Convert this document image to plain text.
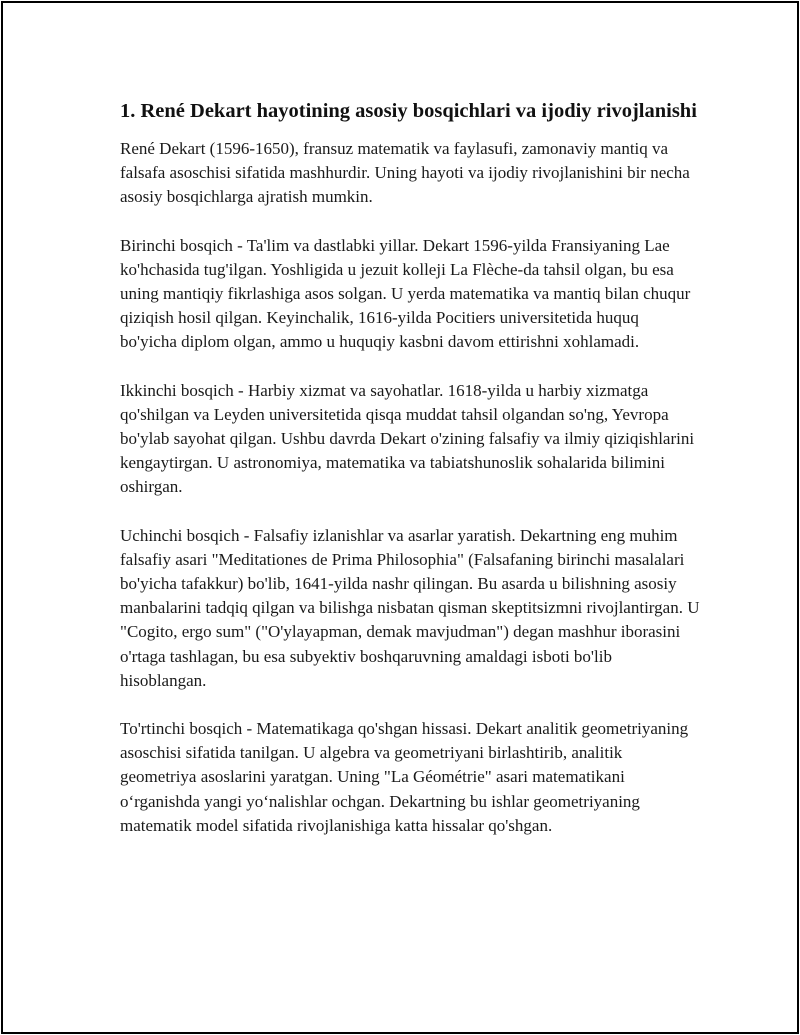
1. René Dekart hayotining asosiy bosqichlari va ijodiy rivojlanishi

René Dekart (1596-1650), fransuz matematik va faylasufi, zamonaviy mantiq va falsafa asoschisi sifatida mashhurdir. Uning hayoti va ijodiy rivojlanishini bir necha asosiy bosqichlarga ajratish mumkin.

Birinchi bosqich - Ta'lim va dastlabki yillar. Dekart 1596-yilda Fransiyaning Lae ko'hchasida tug'ilgan. Yoshligida u jezuit kolleji La Flèche-da tahsil olgan, bu esa uning mantiqiy fikrlashiga asos solgan. U yerda matematika va mantiq bilan chuqur qiziqish hosil qilgan. Keyinchalik, 1616-yilda Pocitiers universitetida huquq bo'yicha diplom olgan, ammo u huquqiy kasbni davom ettirishni xohlamadi.

Ikkinchi bosqich - Harbiy xizmat va sayohatlar. 1618-yilda u harbiy xizmatga qo'shilgan va Leyden universitetida qisqa muddat tahsil olgandan so'ng, Yevropa bo'ylab sayohat qilgan. Ushbu davrda Dekart o'zining falsafiy va ilmiy qiziqishlarini kengaytirgan. U astronomiya, matematika va tabiatshunoslik sohalarida bilimini oshirgan.

Uchinchi bosqich - Falsafiy izlanishlar va asarlar yaratish. Dekartning eng muhim falsafiy asari "Meditationes de Prima Philosophia" (Falsafaning birinchi masalalari bo'yicha tafakkur) bo'lib, 1641-yilda nashr qilingan. Bu asarda u bilishning asosiy manbalarini tadqiq qilgan va bilishga nisbatan qisman skeptitsizmni rivojlantirgan. U "Cogito, ergo sum" ("O'ylayapman, demak mavjudman") degan mashhur iborasini o'rtaga tashlagan, bu esa subyektiv boshqaruvning amaldagi isboti bo'lib hisoblangan.

To'rtinchi bosqich - Matematikaga qo'shgan hissasi. Dekart analitik geometriyaning asoschisi sifatida tanilgan. U algebra va geometriyani birlashtirib, analitik geometriya asoslarini yaratgan. Uning "La Géométrie" asari matematikani o‘rganishda yangi yo‘nalishlar ochgan. Dekartning bu ishlar geometriyaning matematik model sifatida rivojlanishiga katta hissalar qo'shgan.
